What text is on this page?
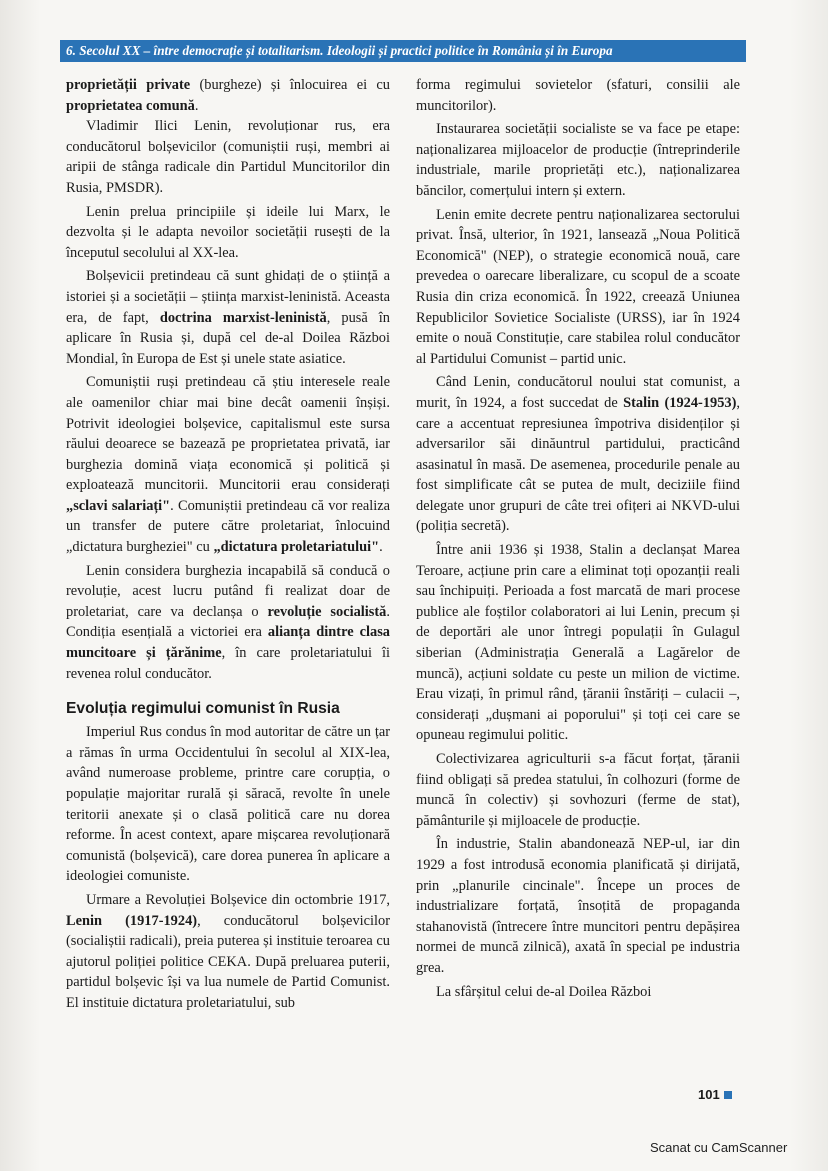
6. Secolul XX – între democrație și totalitarism. Ideologii și practici politice în România și în Europa

proprietății private (burgheze) și înlocuirea ei cu proprietatea comună.

Vladimir Ilici Lenin, revoluționar rus, era conducătorul bolșevicilor (comuniștii ruși, membri ai aripii de stânga radicale din Partidul Muncitorilor din Rusia, PMSDR).

Lenin prelua principiile și ideile lui Marx, le dezvolta și le adapta nevoilor societății rusești de la începutul secolului al XX-lea.

Bolșevicii pretindeau că sunt ghidați de o știință a istoriei și a societății – știința marxist-leninistă. Aceasta era, de fapt, doctrina marxist-leninistă, pusă în aplicare în Rusia și, după cel de-al Doilea Război Mondial, în Europa de Est și unele state asiatice.

Comuniștii ruși pretindeau că știu interesele reale ale oamenilor chiar mai bine decât oamenii înșiși. Potrivit ideologiei bolșevice, capitalismul este sursa răului deoarece se bazează pe proprietatea privată, iar burghezia domină viața economică și politică și exploatează muncitorii. Muncitorii erau considerați „sclavi salariați". Comuniștii pretindeau că vor realiza un transfer de putere către proletariat, înlocuind „dictatura burgheziei" cu „dictatura proletariatului".

Lenin considera burghezia incapabilă să conducă o revoluție, acest lucru putând fi realizat doar de proletariat, care va declanșa o revoluție socialistă. Condiția esențială a victoriei era alianța dintre clasa muncitoare și țărănime, în care proletariatului îi revenea rolul conducător.

Evoluția regimului comunist în Rusia

Imperiul Rus condus în mod autoritar de către un țar a rămas în urma Occidentului în secolul al XIX-lea, având numeroase probleme, printre care corupția, o populație majoritar rurală și săracă, revolte în unele teritorii anexate și o clasă politică care nu dorea reforme. În acest context, apare mișcarea revoluționară comunistă (bolșevică), care dorea punerea în aplicare a ideologiei comuniste.

Urmare a Revoluției Bolșevice din octombrie 1917, Lenin (1917-1924), conducătorul bolșevicilor (socialiștii radicali), preia puterea și instituie teroarea cu ajutorul poliției politice CEKA. După preluarea puterii, partidul bolșevic își va lua numele de Partid Comunist. El instituie dictatura proletariatului, sub

forma regimului sovietelor (sfaturi, consilii ale muncitorilor).

Instaurarea societății socialiste se va face pe etape: naționalizarea mijloacelor de producție (întreprinderile industriale, marile proprietăți etc.), naționalizarea băncilor, comerțului intern și extern.

Lenin emite decrete pentru naționalizarea sectorului privat. Însă, ulterior, în 1921, lansează „Noua Politică Economică" (NEP), o strategie economică nouă, care prevedea o oarecare liberalizare, cu scopul de a scoate Rusia din criza economică. În 1922, creează Uniunea Republicilor Sovietice Socialiste (URSS), iar în 1924 emite o nouă Constituție, care stabilea rolul conducător al Partidului Comunist – partid unic.

Când Lenin, conducătorul noului stat comunist, a murit, în 1924, a fost succedat de Stalin (1924-1953), care a accentuat represiunea împotriva disidenților și adversarilor săi dinăuntrul partidului, practicând asasinatul în masă. De asemenea, procedurile penale au fost simplificate cât se putea de mult, deciziile fiind delegate unor grupuri de câte trei ofițeri ai NKVD-ului (poliția secretă).

Între anii 1936 și 1938, Stalin a declanșat Marea Teroare, acțiune prin care a eliminat toți opozanții reali sau închipuiți. Perioada a fost marcată de mari procese publice ale foștilor colaboratori ai lui Lenin, precum și de deportări ale unor întregi populații în Gulagul siberian (Administrația Generală a Lagărelor de muncă), acțiuni soldate cu peste un milion de victime. Erau vizați, în primul rând, țăranii înstăriți – culacii –, considerați „dușmani ai poporului" și toți cei care se opuneau regimului politic.

Colectivizarea agriculturii s-a făcut forțat, țăranii fiind obligați să predea statului, în colhozuri (forme de muncă în colectiv) și sovhozuri (ferme de stat), pământurile și mijloacele de producție.

În industrie, Stalin abandonează NEP-ul, iar din 1929 a fost introdusă economia planificată și dirijată, prin „planurile cincinale". Începe un proces de industrializare forțată, însoțită de propaganda stahanovistă (întrecere între muncitori pentru depășirea normei de muncă zilnică), axată în special pe industria grea.

La sfârșitul celui de-al Doilea Război

101
Scanat cu CamScanner
